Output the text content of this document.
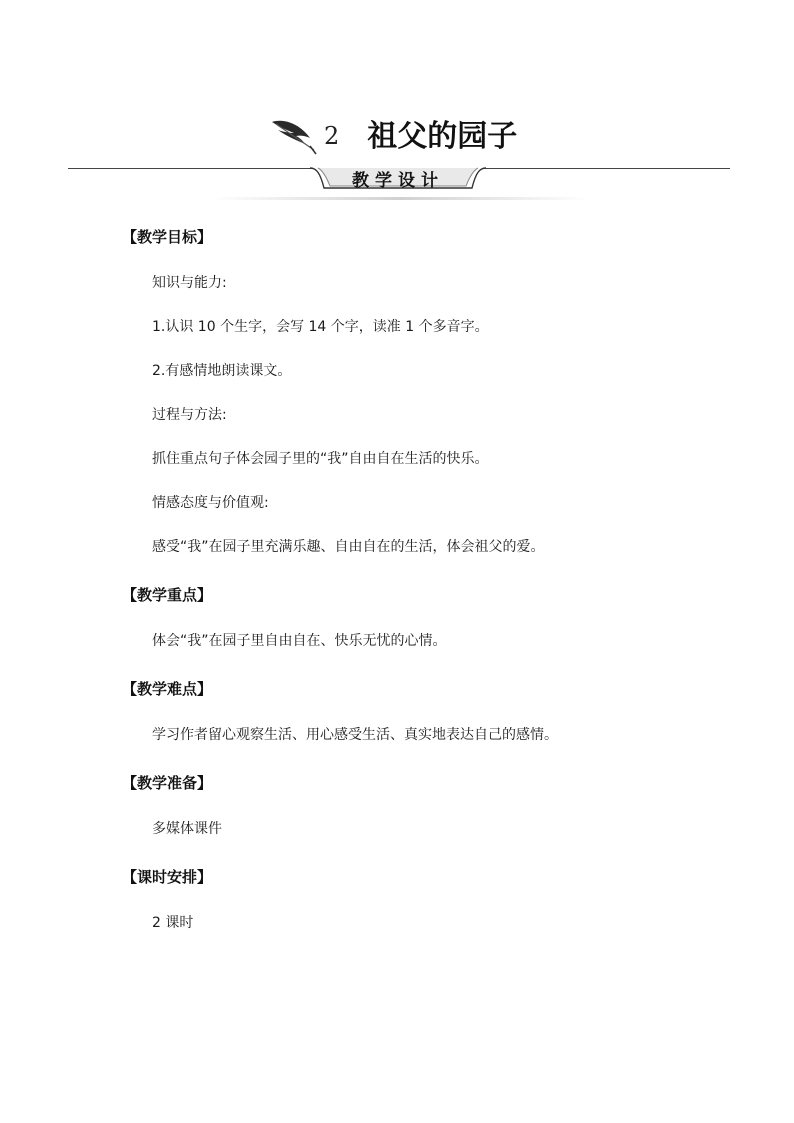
2 祖父的园子
教学设计
【教学目标】
知识与能力:
1.认识 10 个生字，会写 14 个字，读准 1 个多音字。
2.有感情地朗读课文。
过程与方法:
抓住重点句子体会园子里的“我”自由自在生活的快乐。
情感态度与价值观:
感受“我”在园子里充满乐趣、自由自在的生活，体会祖父的爱。
【教学重点】
体会“我”在园子里自由自在、快乐无忧的心情。
【教学难点】
学习作者留心观察生活、用心感受生活、真实地表达自己的感情。
【教学准备】
多媒体课件
【课时安排】
2 课时
